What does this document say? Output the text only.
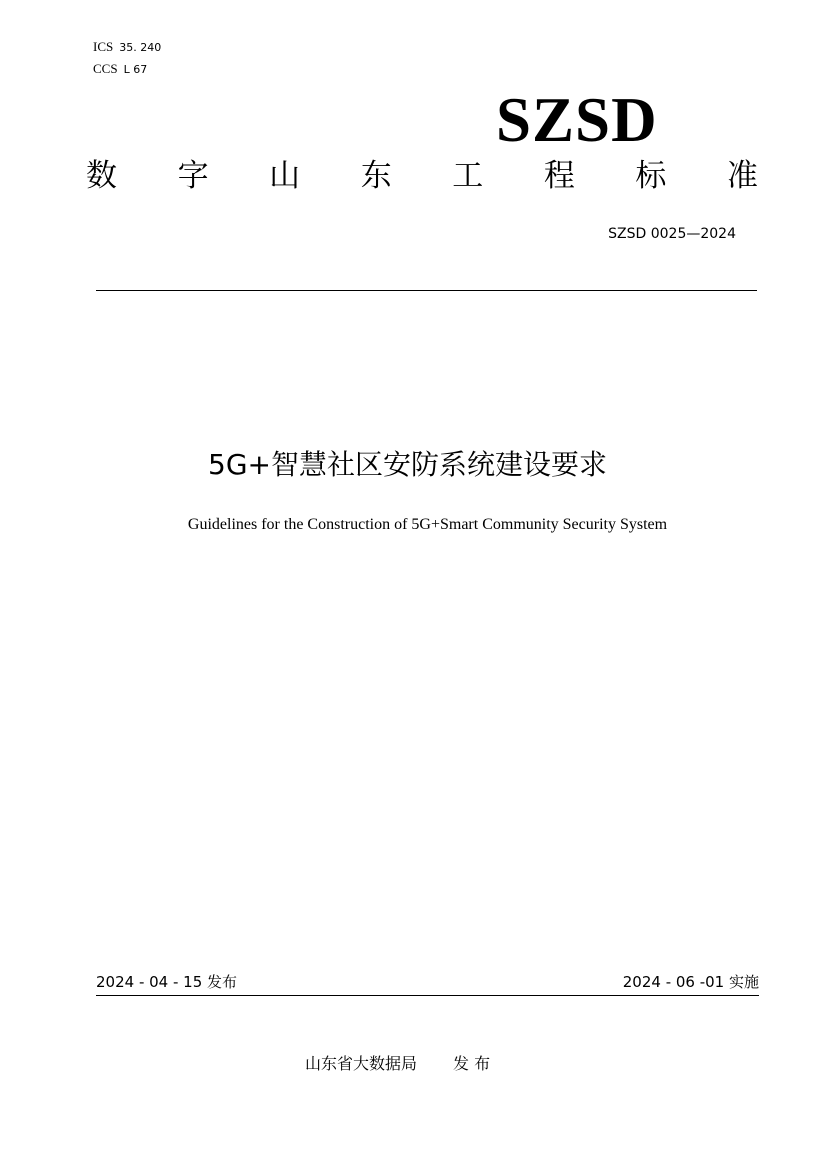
ICS 35. 240
CCS L 67
SZSD
数 字 山 东 工 程 标 准
SZSD 0025—2024
5G+智慧社区安防系统建设要求
Guidelines for the Construction of 5G+Smart Community Security System
2024 - 04 - 15 发布	2024 - 06 -01 实施
山东省大数据局 发 布
